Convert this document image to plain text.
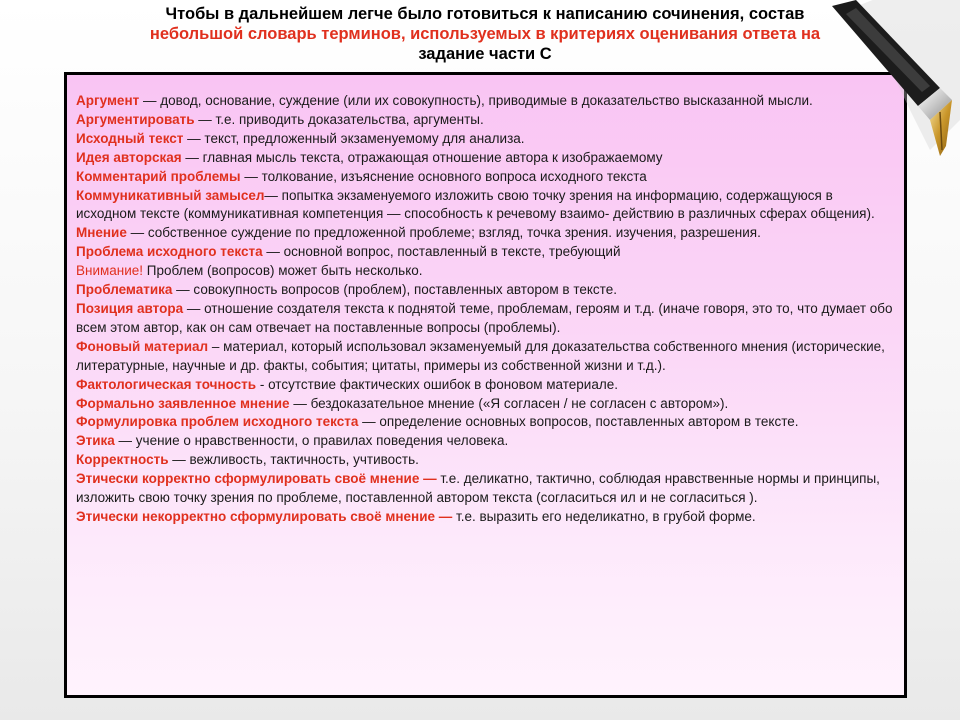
Чтобы в дальнейшем легче было готовиться к написанию сочинения, состав
небольшой словарь терминов, используемых в критериях оценивания ответа на
задание части С

Аргумент — довод, основание, суждение (или их совокупность), приводимые в доказательство высказанной мысли.

Аргументировать — т.е. приводить доказательства, аргументы.

Исходный текст — текст, предложенный экзаменуемому для анализа.

Идея авторская — главная мысль текста, отражающая отношение автора к изображаемому

Комментарий проблемы — толкование, изъяснение основного вопроса исходного текста

Коммуникативный замысел— попытка экзаменуемого изложить свою точку зрения на информацию, содержащуюся в исходном тексте (коммуникативная компетенция — способность к речевому взаимо- действию в различных сферах общения).

Мнение — собственное суждение по предложенной проблеме; взгляд, точка зрения. изучения, разрешения.

Проблема исходного текста — основной вопрос, поставленный в тексте, требующий

Внимание! Проблем (вопросов) может быть несколько.

Проблематика — совокупность вопросов (проблем), поставленных автором в тексте.

Позиция автора — отношение создателя текста к поднятой теме, проблемам, героям и т.д. (иначе говоря, это то, что думает обо всем этом автор, как он сам отвечает на поставленные вопросы (проблемы).

Фоновый материал – материал, который использовал экзаменуемый для доказательства собственного мнения (исторические, литературные, научные и др. факты, события; цитаты, примеры из собственной жизни и т.д.).

Фактологическая точность - отсутствие фактических ошибок в фоновом материале.

Формально заявленное мнение — бездоказательное мнение («Я согласен / не согласен с автором»).

Формулировка проблем исходного текста — определение основных вопросов, поставленных автором в тексте.

Этика — учение о нравственности, о правилах поведения человека.

Корректность — вежливость, тактичность, учтивость.

Этически корректно сформулировать своё мнение — т.е. деликатно, тактично, соблюдая нравственные нормы и принципы, изложить свою точку зрения по проблеме, поставленной автором текста (согласиться ил и не согласиться ).

Этически некорректно сформулировать своё мнение — т.е. выразить его неделикатно, в грубой форме.
